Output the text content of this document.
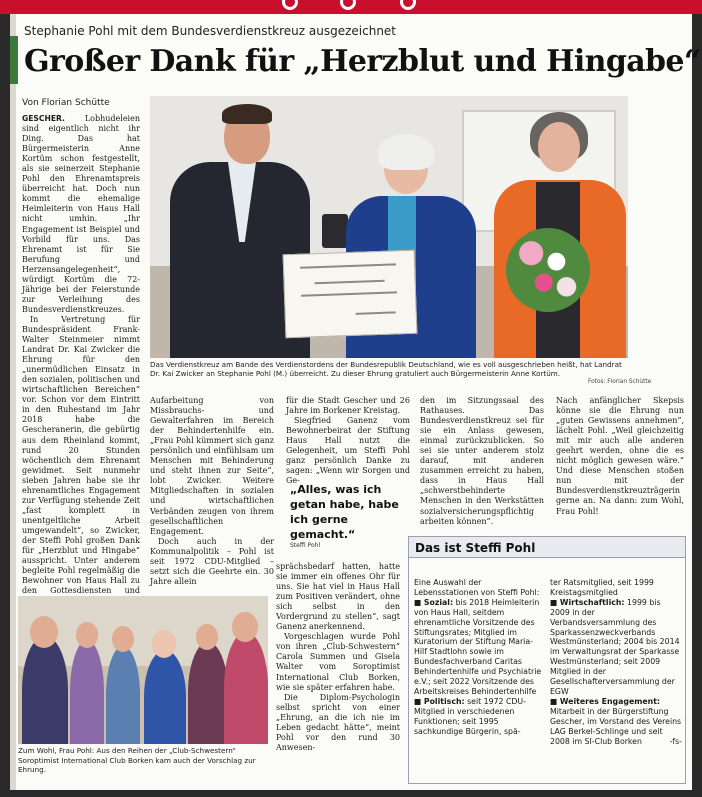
Stephanie Pohl mit dem Bundesverdienstkreuz ausgezeichnet
Großer Dank für „Herzblut und Hingabe“
Von Florian Schütte
Das Verdienstkreuz am Bande des Verdienstordens der Bundesrepublik Deutschland, wie es voll ausgeschrieben heißt, hat Landrat Dr. Kai Zwicker an Stephanie Pohl (M.) überreicht. Zu dieser Ehrung gratuliert auch Bürgermeisterin Anne Kortüm.
Fotos: Florian Schütte

GESCHER. Lobhudeleien sind eigentlich nicht ihr Ding. Das hat Bürgermeisterin Anne Kortüm schon festgestellt, als sie seinerzeit Stephanie Pohl den Ehrenamtspreis überreicht hat. Doch nun kommt die ehemalige Heimleiterin von Haus Hall nicht umhin. „Ihr Engagement ist Beispiel und Vorbild für uns. Das Ehrenamt ist für Sie Berufung und Herzensangelegenheit“, würdigt Kortüm die 72-Jährige bei der Feierstunde zur Verleihung des Bundesverdienstkreuzes.

In Vertretung für Bundespräsident Frank-Walter Steinmeier nimmt Landrat Dr. Kai Zwicker die Ehrung für den „unermüdlichen Einsatz in den sozialen, politischen und wirtschaftlichen Bereichen“ vor. Schon vor dem Eintritt in den Ruhestand im Jahr 2018 habe die Gescheranerin, die gebürtig aus dem Rheinland kommt, rund 20 Stunden wöchentlich dem Ehrenamt gewidmet. Seit nunmehr sieben Jahren habe sie ihr ehrenamtliches Engagement zur Verfügung stehende Zeit „fast komplett in unentgeltliche Arbeit umgewandelt“, so Zwicker, der Steffi Pohl großen Dank für „Herzblut und Hingabe“ ausspricht. Unter anderem begleite Pohl regelmäßig die Bewohner von Haus Hall zu den Gottesdiensten und

Aufarbeitung von Missbrauchs- und Gewalterfahren im Bereich der Behindertenhilfe ein. „Frau Pohl kümmert sich ganz persönlich und einfühlsam um Menschen mit Behinderung und steht ihnen zur Seite“, lobt Zwicker. Weitere Mitgliedschaften in sozialen und wirtschaftlichen Verbänden zeugen von ihrem gesellschaftlichen Engagement.

Doch auch in der Kommunalpolitik – Pohl ist seit 1972 CDU-Mitglied – setzt sich die Geehrte ein. 30 Jahre allein

für die Stadt Gescher und 26 Jahre im Borkener Kreistag.

Siegfried Ganenz vom Bewohnerbeirat der Stiftung Haus Hall nutzt die Gelegenheit, um Steffi Pohl ganz persönlich Danke zu sagen: „Wenn wir Sorgen und Ge-

„Alles, was ich getan habe, habe ich gerne gemacht.“
Steffi Pohl

sprächsbedarf hatten, hatte sie immer ein offenes Ohr für uns. Sie hat viel in Haus Hall zum Positiven verändert, ohne sich selbst in den Vordergrund zu stellen“, sagt Ganenz anerkennend.

Vorgeschlagen wurde Pohl von ihren „Club-Schwestern“ Carola Summen und Gisela Walter vom Soroptimist International Club Borken, wie sie später erfahren habe.

Die Diplom-Psychologin selbst spricht von einer „Ehrung, an die ich nie im Leben gedacht hätte“, meint Pohl vor den rund 30 Anwesen-

den im Sitzungssaal des Rathauses. Das Bundesverdienstkreuz sei für sie ein Anlass gewesen, einmal zurückzublicken. So sei sie unter anderem stolz darauf, mit anderen zusammen erreicht zu haben, dass in Haus Hall „schwerstbehinderte Menschen in den Werkstätten sozialversicherungspflichtig arbeiten können“.

Nach anfänglicher Skepsis könne sie die Ehrung nun „guten Gewissens annehmen“, lächelt Pohl. „Weil gleichzeitig mit mir auch alle anderen geehrt werden, ohne die es nicht möglich gewesen wäre.“ Und diese Menschen stoßen nun mit der Bundesverdienstkreuzträgerin gerne an. Na dann: zum Wohl, Frau Pohl!

Das ist Steffi Pohl
Eine Auswahl der Lebensstationen von Steffi Pohl:
■ Sozial: bis 2018 Heimleiterin von Haus Hall, seitdem ehrenamtliche Vorsitzende des Stiftungsrates; Mitglied im Kuratorium der Stiftung Maria-Hilf Stadtlohn sowie im Bundesfachverband Caritas Behindertenhilfe und Psychiatrie e.V.; seit 2022 Vorsitzende des Arbeitskreises Behindertenhilfe
■ Politisch: seit 1972 CDU-Mitglied in verschiedenen Funktionen; seit 1995 sachkundige Bürgerin, spä-
ter Ratsmitglied, seit 1999 Kreistagsmitglied
■ Wirtschaftlich: 1999 bis 2009 in der Verbandsversammlung des Sparkassenzweckverbands Westmünsterland; 2004 bis 2014 im Verwaltungsrat der Sparkasse Westmünsterland; seit 2009 Mitglied in der Gesellschafterversammlung der EGW
■ Weiteres Engagement: Mitarbeit in der Bürgerstiftung Gescher, im Vorstand des Vereins LAG Berkel-Schlinge und seit 2008 im SI-Club Borken	-fs-
Zum Wohl, Frau Pohl: Aus den Reihen der „Club-Schwestern“ Soroptimist International Club Borken kam auch der Vorschlag zur Ehrung.
